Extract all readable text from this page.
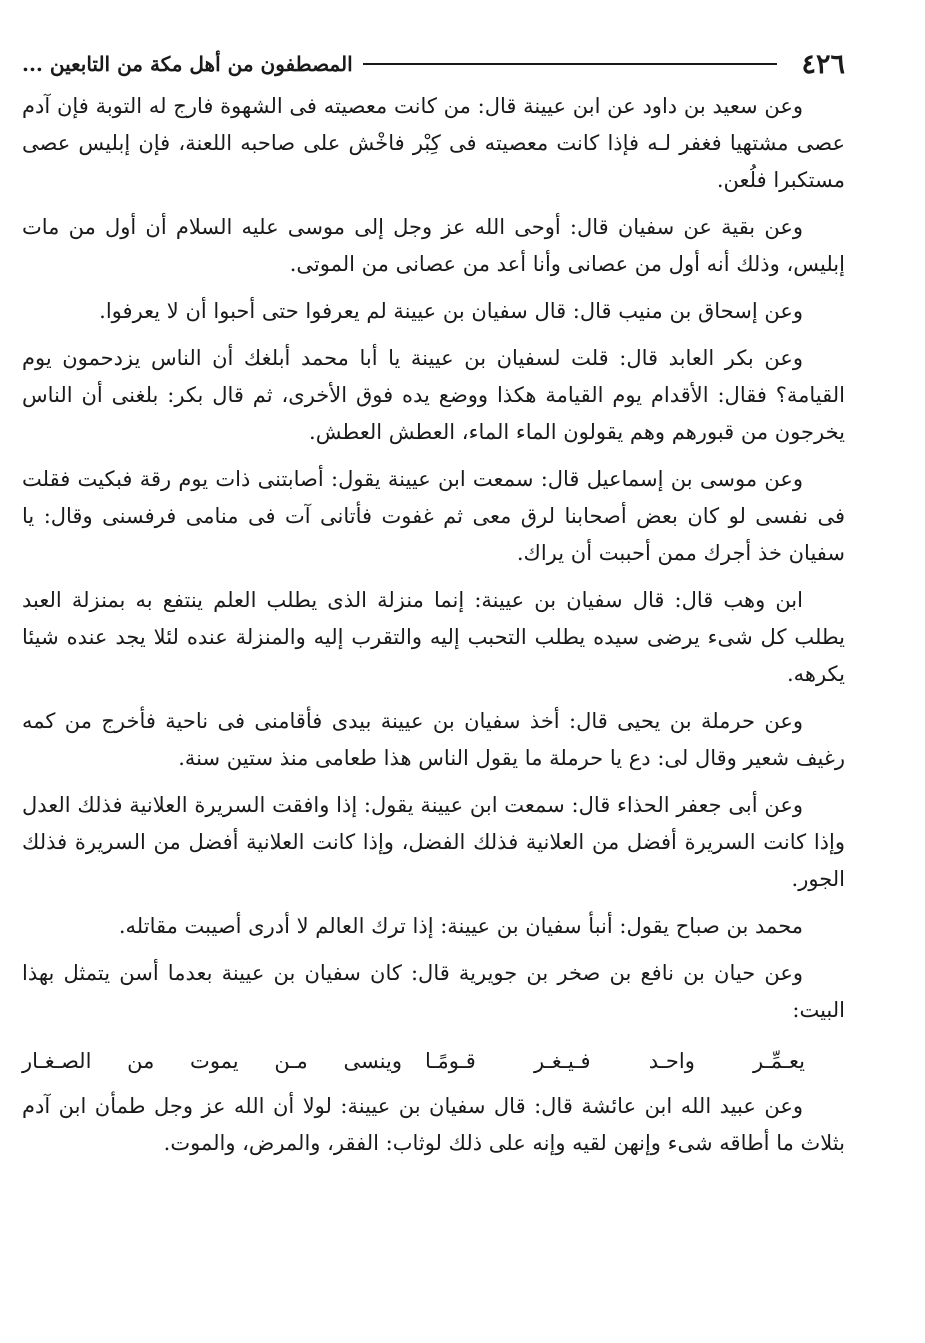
٤٢٦
المصطفون من أهل مكة من التابعين ...

وعن سعيد بن داود عن ابن عيينة قال: من كانت معصيته فى الشهوة فارج له التوبة فإن آدم عصى مشتهيا فغفر لـه فإذا كانت معصيته فى كِبْر فاخْش على صاحبه اللعنة، فإن إبليس عصى مستكبرا فلُعن.

وعن بقية عن سفيان قال: أوحى الله عز وجل إلى موسى عليه السلام أن أول من مات إبليس، وذلك أنه أول من عصانى وأنا أعد من عصانى من الموتى.

وعن إسحاق بن منيب قال: قال سفيان بن عيينة لم يعرفوا حتى أحبوا أن لا يعرفوا.

وعن بكر العابد قال: قلت لسفيان بن عيينة يا أبا محمد أبلغك أن الناس يزدحمون يوم القيامة؟ فقال: الأقدام يوم القيامة هكذا ووضع يده فوق الأخرى، ثم قال بكر: بلغنى أن الناس يخرجون من قبورهم وهم يقولون الماء الماء، العطش العطش.

وعن موسى بن إسماعيل قال: سمعت ابن عيينة يقول: أصابتنى ذات يوم رقة فبكيت فقلت فى نفسى لو كان بعض أصحابنا لرق معى ثم غفوت فأتانى آت فى منامى فرفسنى وقال: يا سفيان خذ أجرك ممن أحببت أن يراك.

ابن وهب قال: قال سفيان بن عيينة: إنما منزلة الذى يطلب العلم ينتفع به بمنزلة العبد يطلب كل شىء يرضى سيده يطلب التحبب إليه والتقرب إليه والمنزلة عنده لئلا يجد عنده شيئا يكرهه.

وعن حرملة بن يحيى قال: أخذ سفيان بن عيينة بيدى فأقامنى فى ناحية فأخرج من كمه رغيف شعير وقال لى: دع يا حرملة ما يقول الناس هذا طعامى منذ ستين سنة.

وعن أبى جعفر الحذاء قال: سمعت ابن عيينة يقول: إذا وافقت السريرة العلانية فذلك العدل وإذا كانت السريرة أفضل من العلانية فذلك الفضل، وإذا كانت العلانية أفضل من السريرة فذلك الجور.

محمد بن صباح يقول: أنبأ سفيان بن عيينة: إذا ترك العالم لا أدرى أصيبت مقاتله.

وعن حيان بن نافع بن صخر بن جويرية قال: كان سفيان بن عيينة بعدما أسن يتمثل بهذا البيت:

يعـمِّـر واحـد فـيـغـر قـومًـا
وينسى مـن يموت من الصـغـار

وعن عبيد الله ابن عائشة قال: قال سفيان بن عيينة: لولا أن الله عز وجل طمأن ابن آدم بثلاث ما أطاقه شىء وإنهن لقيه وإنه على ذلك لوثاب: الفقر، والمرض، والموت.
